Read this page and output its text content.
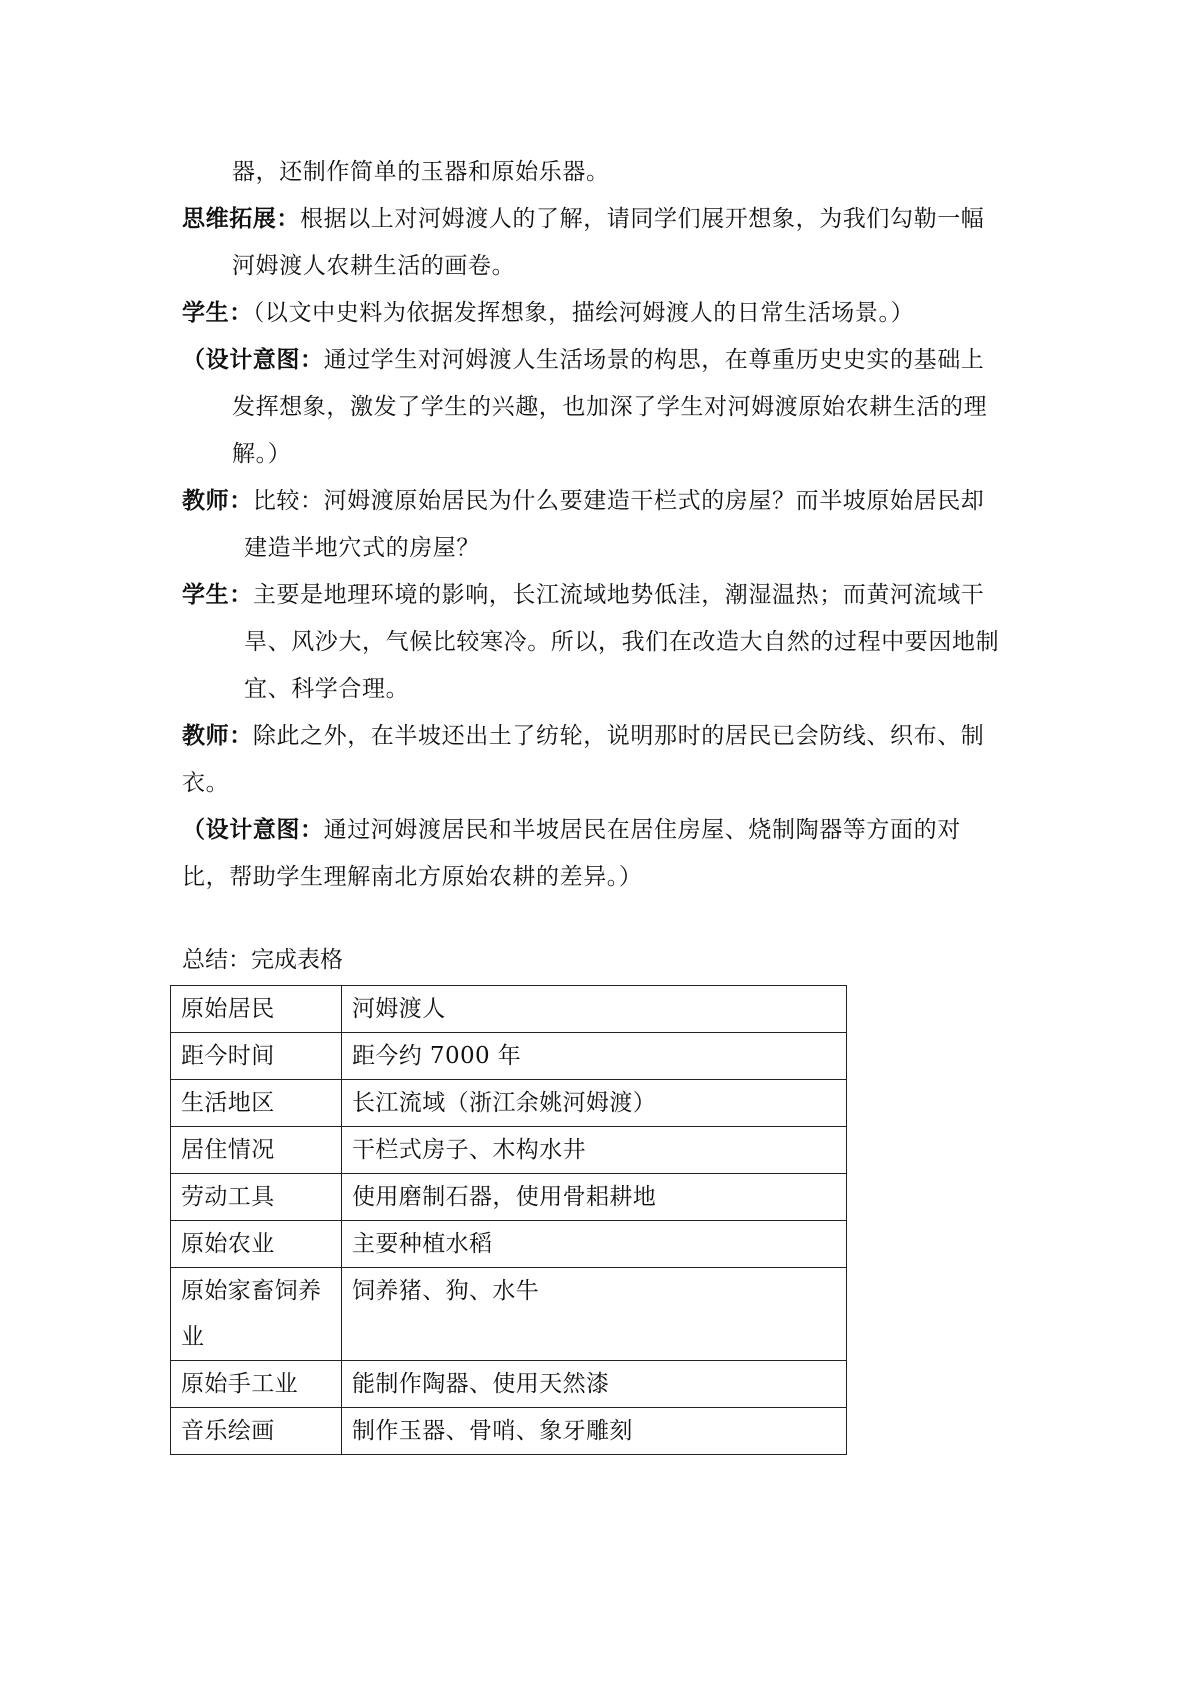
器，还制作简单的玉器和原始乐器。
思维拓展：根据以上对河姆渡人的了解，请同学们展开想象，为我们勾勒一幅
河姆渡人农耕生活的画卷。
学生：（以文中史料为依据发挥想象，描绘河姆渡人的日常生活场景。）
（设计意图：通过学生对河姆渡人生活场景的构思，在尊重历史史实的基础上
发挥想象，激发了学生的兴趣，也加深了学生对河姆渡原始农耕生活的理
解。）
教师：比较：河姆渡原始居民为什么要建造干栏式的房屋？而半坡原始居民却
建造半地穴式的房屋？
学生：主要是地理环境的影响，长江流域地势低洼，潮湿温热；而黄河流域干
旱、风沙大，气候比较寒冷。所以，我们在改造大自然的过程中要因地制
宜、科学合理。
教师：除此之外，在半坡还出土了纺轮，说明那时的居民已会防线、织布、制
衣。
（设计意图：通过河姆渡居民和半坡居民在居住房屋、烧制陶器等方面的对
比，帮助学生理解南北方原始农耕的差异。）
总结：完成表格
原始居民	河姆渡人
距今时间	距今约 7000 年
生活地区	长江流域（浙江余姚河姆渡）
居住情况	干栏式房子、木构水井
劳动工具	使用磨制石器，使用骨耜耕地
原始农业	主要种植水稻
原始家畜饲养业	饲养猪、狗、水牛
原始手工业	能制作陶器、使用天然漆
音乐绘画	制作玉器、骨哨、象牙雕刻
